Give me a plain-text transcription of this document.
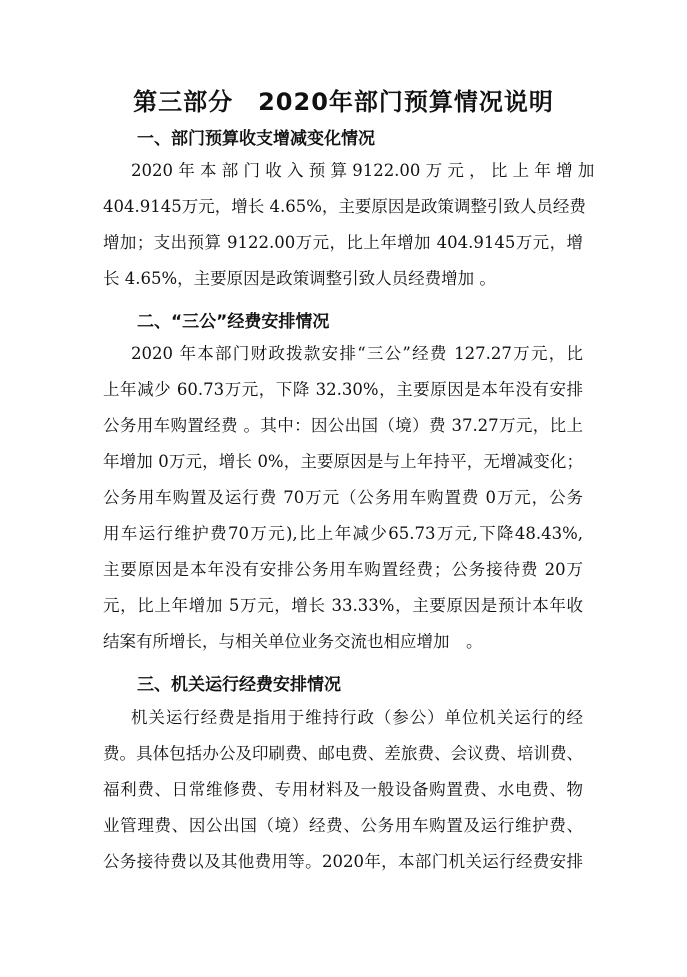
第三部分　2020年部门预算情况说明
一、部门预算收支增减变化情况
2020 年 本 部 门 收 入 预 算 9122.00 万 元 ， 比 上 年 增 加
404.9145万元，增长 4.65%，主要原因是政策调整引致人员经费
增加；支出预算 9122.00万元，比上年增加 404.9145万元，增
长 4.65%，主要原因是政策调整引致人员经费增加 。
二、“三公”经费安排情况
2020 年本部门财政拨款安排“三公”经费 127.27万元，比
上年减少 60.73万元，下降 32.30%，主要原因是本年没有安排
公务用车购置经费 。其中：因公出国（境）费 37.27万元，比上
年增加 0万元，增长 0%，主要原因是与上年持平，无增减变化；
公务用车购置及运行费 70万元（公务用车购置费 0万元，公务
用车运行维护费70万元),比上年减少65.73万元,下降48.43%,
主要原因是本年没有安排公务用车购置经费；公务接待费 20万
元，比上年增加 5万元，增长 33.33%，主要原因是预计本年收
结案有所增长，与相关单位业务交流也相应增加　。
三、机关运行经费安排情况
机关运行经费是指用于维持行政（参公）单位机关运行的经
费。具体包括办公及印刷费、邮电费、差旅费、会议费、培训费、
福利费、日常维修费、专用材料及一般设备购置费、水电费、物
业管理费、因公出国（境）经费、公务用车购置及运行维护费、
公务接待费以及其他费用等。2020年，本部门机关运行经费安排
